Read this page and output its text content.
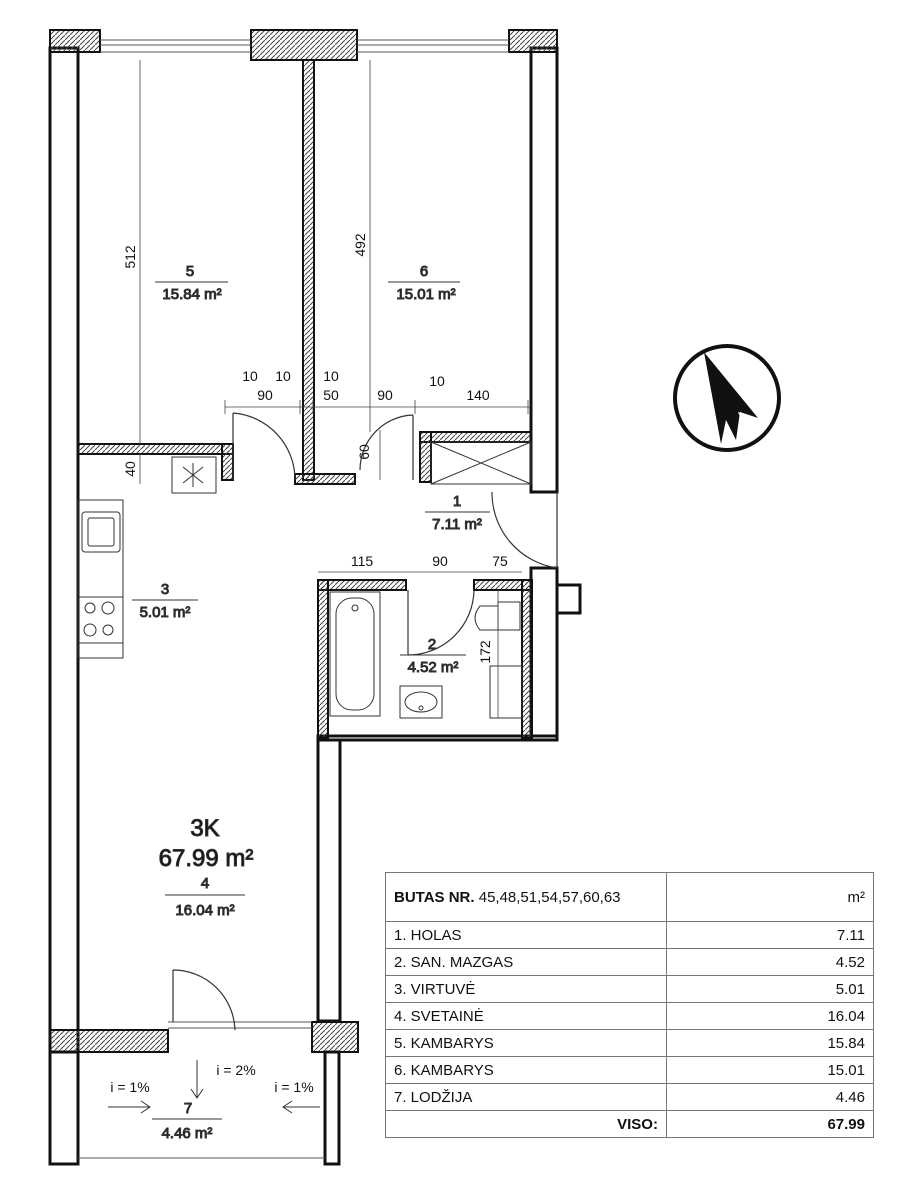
5
15.84 m²
6
15.01 m²
1
7.11 m²
3
5.01 m²
2
4.52 m²
3K
67.99 m²
4
16.04 m²
7
4.46 m²
512
492
10 10 10	10
90	50	90	140
40
60
115	90	75
172
i = 1%
i = 2%
i = 1%
BUTAS NR. 45,48,51,54,57,60,63	m²
1. HOLAS	7.11
2. SAN. MAZGAS	4.52
3. VIRTUVĖ	5.01
4. SVETAINĖ	16.04
5. KAMBARYS	15.84
6. KAMBARYS	15.01
7. LODŽIJA	4.46
VISO:	67.99
